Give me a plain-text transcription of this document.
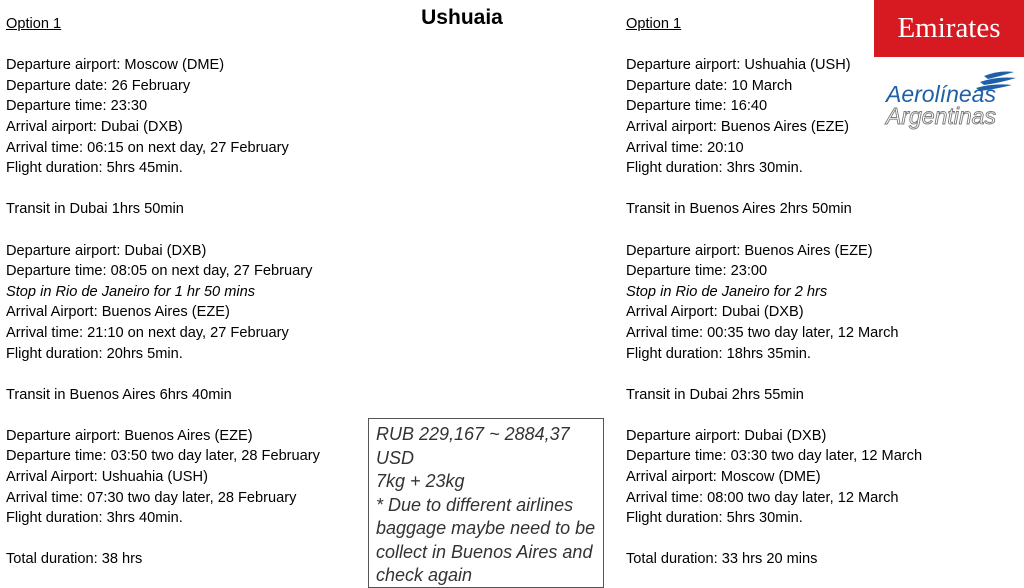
Ushuaia
Option 1
Departure airport: Moscow (DME)
Departure date: 26 February
Departure time: 23:30
Arrival airport: Dubai (DXB)
Arrival time: 06:15 on next day, 27 February
Flight duration: 5hrs 45min.
Transit in Dubai 1hrs 50min
Departure airport: Dubai (DXB)
Departure time: 08:05 on next day, 27 February
Stop in Rio de Janeiro for 1 hr 50 mins
Arrival Airport: Buenos Aires (EZE)
Arrival time: 21:10 on next day, 27 February
Flight duration: 20hrs 5min.
Transit in Buenos Aires 6hrs 40min
Departure airport: Buenos Aires (EZE)
Departure time: 03:50 two day later, 28 February
Arrival Airport: Ushuahia (USH)
Arrival time: 07:30 two day later, 28 February
Flight duration: 3hrs 40min.
Total duration: 38 hrs
Option 1
Departure airport: Ushuahia (USH)
Departure date: 10 March
Departure time: 16:40
Arrival airport: Buenos Aires (EZE)
Arrival time: 20:10
Flight duration: 3hrs 30min.
Transit in Buenos Aires 2hrs 50min
Departure airport: Buenos Aires (EZE)
Departure time: 23:00
Stop in Rio de Janeiro for 2 hrs
Arrival Airport: Dubai (DXB)
Arrival time: 00:35 two day later, 12 March
Flight duration: 18hrs 35min.
Transit in Dubai 2hrs 55min
Departure airport: Dubai (DXB)
Departure time: 03:30 two day later, 12 March
Arrival airport: Moscow (DME)
Arrival time: 08:00 two day later, 12 March
Flight duration: 5hrs 30min.
Total duration: 33 hrs 20 mins
RUB 229,167 ~ 2884,37 USD
7kg + 23kg
* Due to different airlines baggage maybe need to be collect in Buenos Aires and check again
Emirates
Aerolíneas
Argentinas
